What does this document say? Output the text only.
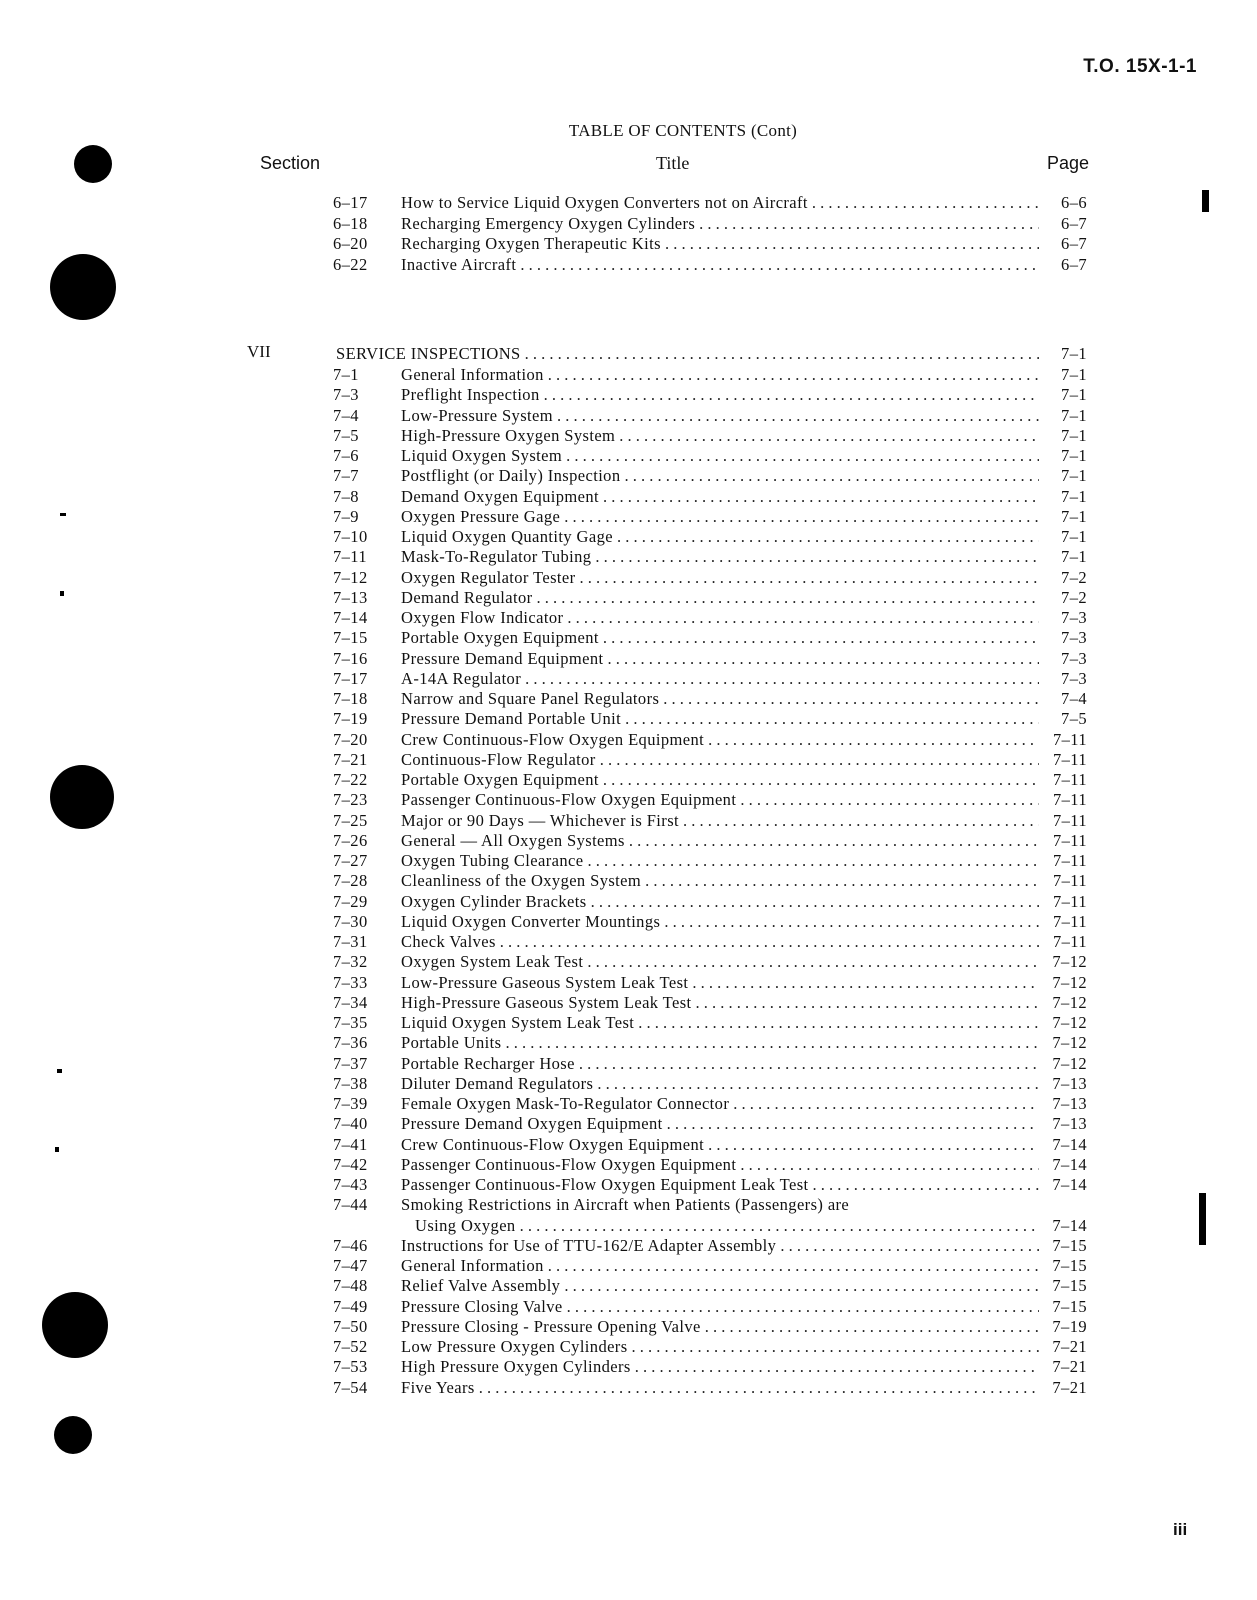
T.O. 15X-1-1
TABLE OF CONTENTS (Cont)
Section	Title	Page
6–17 How to Service Liquid Oxygen Converters not on Aircraft . . .	6–6
6–18 Recharging Emergency Oxygen Cylinders . . .	6–7
6–20 Recharging Oxygen Therapeutic Kits . . .	6–7
6–22 Inactive Aircraft . . .	6–7
VII	SERVICE INSPECTIONS . . .	7–1
7–1	General Information . . .	7–1
7–3	Preflight Inspection . . .	7–1
7–4	Low-Pressure System . . .	7–1
7–5	High-Pressure Oxygen System . . .	7–1
7–6	Liquid Oxygen System . . .	7–1
7–7	Postflight (or Daily) Inspection . . .	7–1
7–8	Demand Oxygen Equipment . . .	7–1
7–9	Oxygen Pressure Gage . . .	7–1
7–10 Liquid Oxygen Quantity Gage . . .	7–1
7–11 Mask-To-Regulator Tubing . . .	7–1
7–12 Oxygen Regulator Tester . . .	7–2
7–13 Demand Regulator . . .	7–2
7–14 Oxygen Flow Indicator . . .	7–3
7–15 Portable Oxygen Equipment . . .	7–3
7–16 Pressure Demand Equipment . . .	7–3
7–17 A-14A Regulator . . .	7–3
7–18 Narrow and Square Panel Regulators . . .	7–4
7–19 Pressure Demand Portable Unit . . .	7–5
7–20 Crew Continuous-Flow Oxygen Equipment . . .	7–11
7–21 Continuous-Flow Regulator . . .	7–11
7–22 Portable Oxygen Equipment . . .	7–11
7–23 Passenger Continuous-Flow Oxygen Equipment . . .	7–11
7–25 Major or 90 Days — Whichever is First . . .	7–11
7–26 General — All Oxygen Systems . . .	7–11
7–27 Oxygen Tubing Clearance . . .	7–11
7–28 Cleanliness of the Oxygen System . . .	7–11
7–29 Oxygen Cylinder Brackets . . .	7–11
7–30 Liquid Oxygen Converter Mountings . . .	7–11
7–31 Check Valves . . .	7–11
7–32 Oxygen System Leak Test . . .	7–12
7–33 Low-Pressure Gaseous System Leak Test . . .	7–12
7–34 High-Pressure Gaseous System Leak Test . . .	7–12
7–35 Liquid Oxygen System Leak Test . . .	7–12
7–36 Portable Units . . .	7–12
7–37 Portable Recharger Hose . . .	7–12
7–38 Diluter Demand Regulators . . .	7–13
7–39 Female Oxygen Mask-To-Regulator Connector . . .	7–13
7–40 Pressure Demand Oxygen Equipment . . .	7–13
7–41 Crew Continuous-Flow Oxygen Equipment . . .	7–14
7–42 Passenger Continuous-Flow Oxygen Equipment . . .	7–14
7–43 Passenger Continuous-Flow Oxygen Equipment Leak Test . . .	7–14
7–44 Smoking Restrictions in Aircraft when Patients (Passengers) are
Using Oxygen . . .	7–14
7–46 Instructions for Use of TTU-162/E Adapter Assembly . . .	7–15
7–47 General Information . . .	7–15
7–48 Relief Valve Assembly . . .	7–15
7–49 Pressure Closing Valve . . .	7–15
7–50 Pressure Closing - Pressure Opening Valve . . .	7–19
7–52 Low Pressure Oxygen Cylinders . . .	7–21
7–53 High Pressure Oxygen Cylinders . . .	7–21
7–54 Five Years . . .	7–21
iii
